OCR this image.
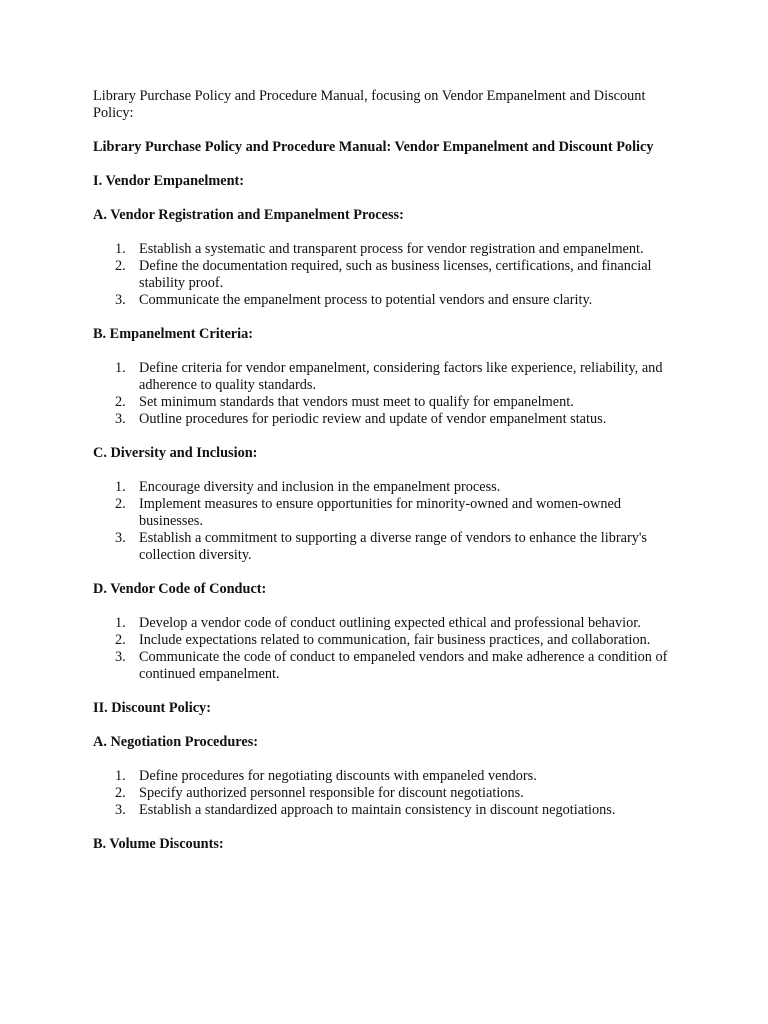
Library Purchase Policy and Procedure Manual, focusing on Vendor Empanelment and Discount Policy:

Library Purchase Policy and Procedure Manual: Vendor Empanelment and Discount Policy

I. Vendor Empanelment:

A. Vendor Registration and Empanelment Process:

1. Establish a systematic and transparent process for vendor registration and empanelment.
2. Define the documentation required, such as business licenses, certifications, and financial stability proof.
3. Communicate the empanelment process to potential vendors and ensure clarity.

B. Empanelment Criteria:

1. Define criteria for vendor empanelment, considering factors like experience, reliability, and adherence to quality standards.
2. Set minimum standards that vendors must meet to qualify for empanelment.
3. Outline procedures for periodic review and update of vendor empanelment status.

C. Diversity and Inclusion:

1. Encourage diversity and inclusion in the empanelment process.
2. Implement measures to ensure opportunities for minority-owned and women-owned businesses.
3. Establish a commitment to supporting a diverse range of vendors to enhance the library's collection diversity.

D. Vendor Code of Conduct:

1. Develop a vendor code of conduct outlining expected ethical and professional behavior.
2. Include expectations related to communication, fair business practices, and collaboration.
3. Communicate the code of conduct to empaneled vendors and make adherence a condition of continued empanelment.

II. Discount Policy:

A. Negotiation Procedures:

1. Define procedures for negotiating discounts with empaneled vendors.
2. Specify authorized personnel responsible for discount negotiations.
3. Establish a standardized approach to maintain consistency in discount negotiations.

B. Volume Discounts:
